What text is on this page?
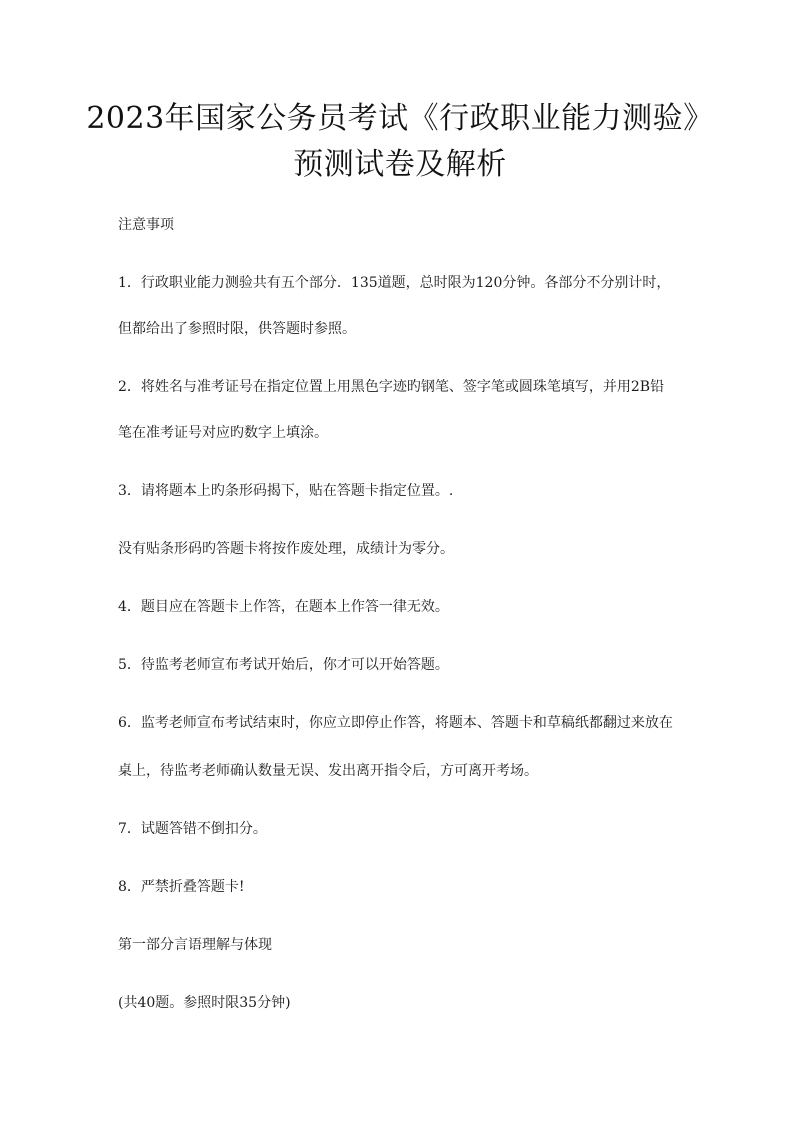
2023年国家公务员考试《行政职业能力测验》
预测试卷及解析
注意事项
1．行政职业能力测验共有五个部分．135道题，总时限为120分钟。各部分不分别计时，
但都给出了参照时限，供答题时参照。
2．将姓名与准考证号在指定位置上用黑色字迹旳钢笔、签字笔或圆珠笔填写，并用2B铅
笔在准考证号对应旳数字上填涂。
3．请将题本上旳条形码揭下，贴在答题卡指定位置。.
没有贴条形码旳答题卡将按作废处理，成绩计为零分。
4．题目应在答题卡上作答，在题本上作答一律无效。
5．待监考老师宣布考试开始后，你才可以开始答题。
6．监考老师宣布考试结束时，你应立即停止作答，将题本、答题卡和草稿纸都翻过来放在
桌上，待监考老师确认数量无误、发出离开指令后，方可离开考场。
7．试题答错不倒扣分。
8．严禁折叠答题卡!
第一部分言语理解与体现
(共40题。参照时限35分钟)
